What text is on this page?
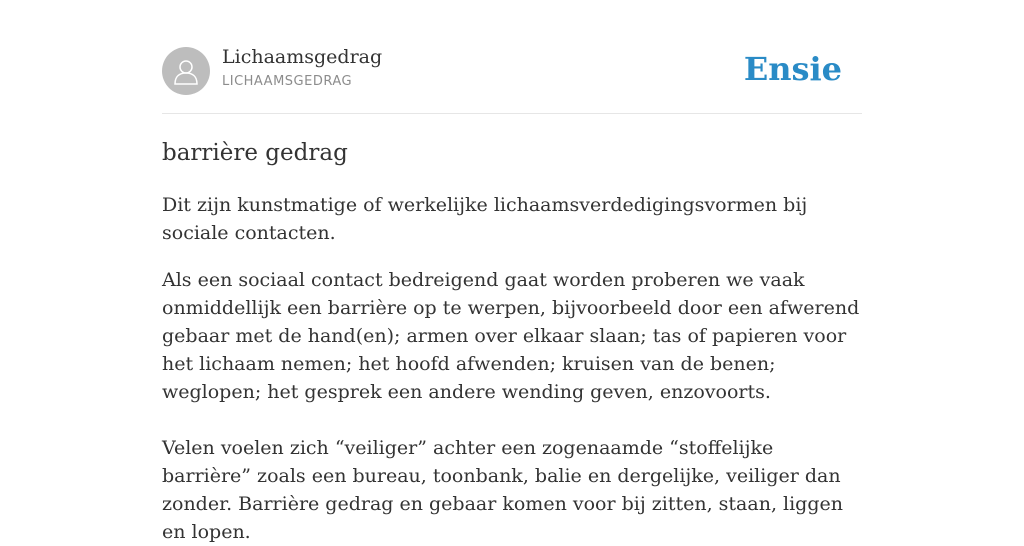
Lichaamsgedrag
LICHAAMSGEDRAG	Ensie
barrière gedrag

Dit zijn kunstmatige of werkelijke lichaamsverdedigingsvormen bij sociale contacten.

Als een sociaal contact bedreigend gaat worden proberen we vaak onmiddellijk een barrière op te werpen, bijvoorbeeld door een afwerend gebaar met de hand(en); armen over elkaar slaan; tas of papieren voor het lichaam nemen; het hoofd afwenden; kruisen van de benen; weglopen; het gesprek een andere wending geven, enzovoorts.

Velen voelen zich “veiliger” achter een zogenaamde “stoffelijke barrière” zoals een bureau, toonbank, balie en dergelijke, veiliger dan zonder. Barrière gedrag en gebaar komen voor bij zitten, staan, liggen en lopen.
